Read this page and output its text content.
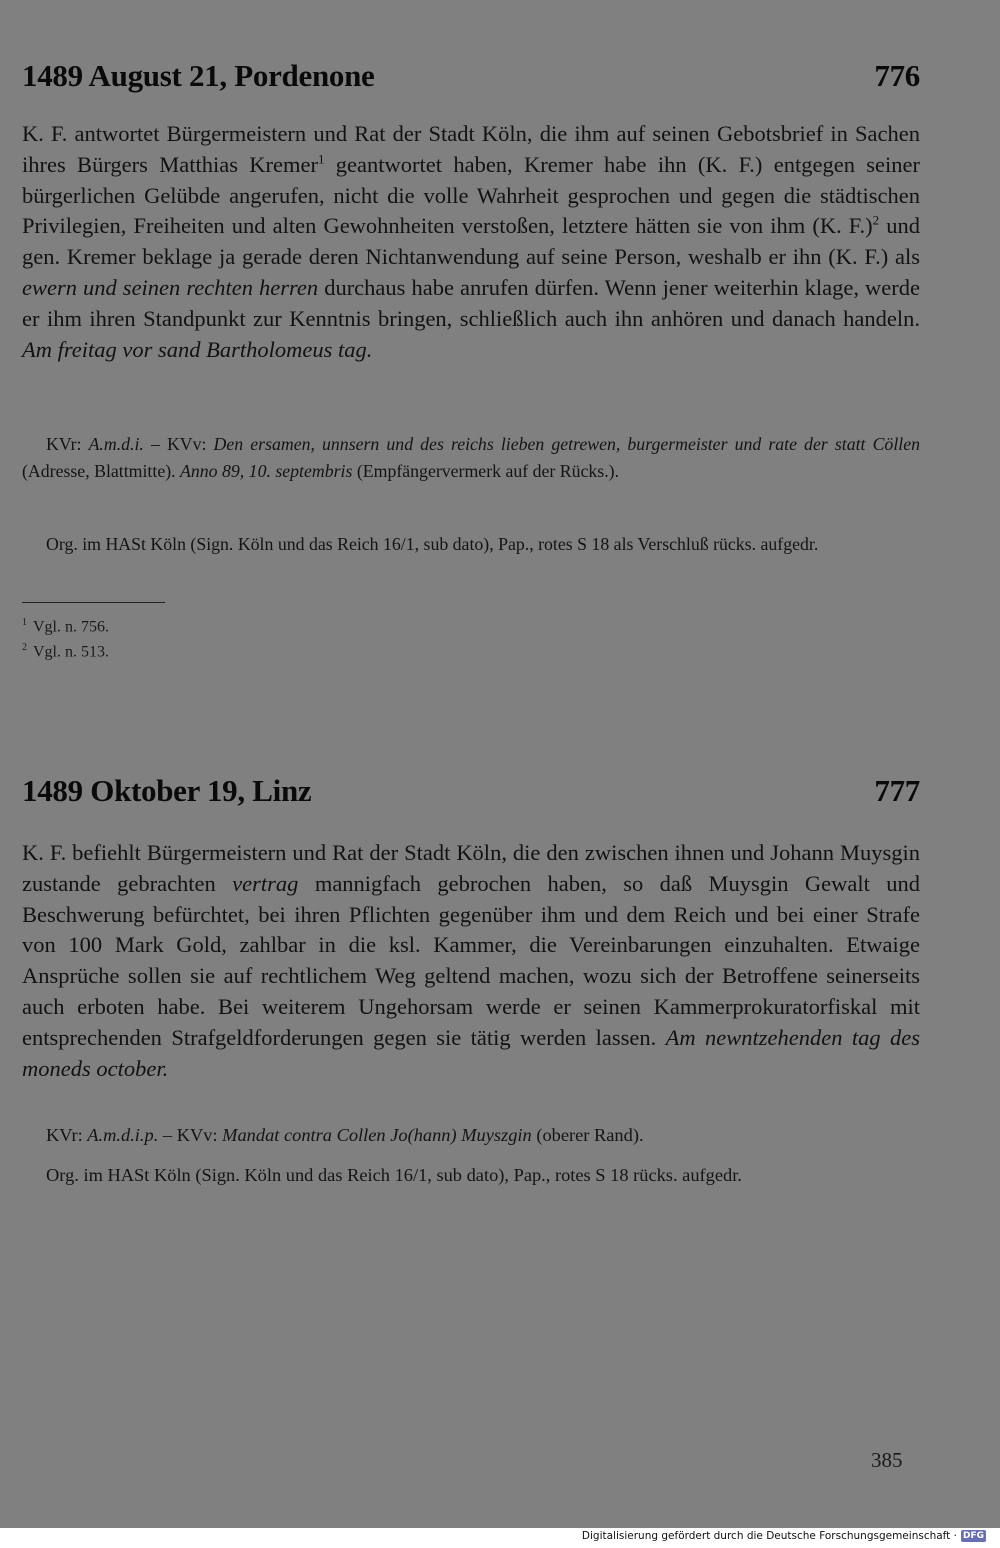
1489 August 21, Pordenone	776
K. F. antwortet Bürgermeistern und Rat der Stadt Köln, die ihm auf seinen Gebotsbrief in Sachen ihres Bürgers Matthias Kremer$^1$ geantwortet haben, Kremer habe ihn (K. F.) entgegen seiner bürgerlichen Gelübde angerufen, nicht die volle Wahrheit gesprochen und gegen die städtischen Privilegien, Freiheiten und alten Gewohnheiten verstoßen, letztere hätten sie von ihm (K. F.)$^2$ und gen. Kremer beklage ja gerade deren Nichtanwendung auf seine Person, weshalb er ihn (K. F.) als ewern und seinen rechten herren durchaus habe anrufen dürfen. Wenn jener weiterhin klage, werde er ihm ihren Standpunkt zur Kenntnis bringen, schließlich auch ihn anhören und danach handeln. Am freitag vor sand Bartholomeus tag.
KVr: A.m.d.i. – KVv: Den ersamen, unnsern und des reichs lieben getrewen, burgermeister und rate der statt Cöllen (Adresse, Blattmitte). Anno 89, 10. septembris (Empfängervermerk auf der Rücks.).
Org. im HASt Köln (Sign. Köln und das Reich 16/1, sub dato), Pap., rotes S 18 als Verschluß rücks. aufgedr.
$^1$ Vgl. n. 756.
$^2$ Vgl. n. 513.
1489 Oktober 19, Linz	777
K. F. befiehlt Bürgermeistern und Rat der Stadt Köln, die den zwischen ihnen und Johann Muysgin zustande gebrachten vertrag mannigfach gebrochen haben, so daß Muysgin Gewalt und Beschwerung befürchtet, bei ihren Pflichten gegenüber ihm und dem Reich und bei einer Strafe von 100 Mark Gold, zahlbar in die ksl. Kammer, die Vereinbarungen einzuhalten. Etwaige Ansprüche sollen sie auf rechtlichem Weg geltend machen, wozu sich der Betroffene seinerseits auch erboten habe. Bei weiterem Ungehorsam werde er seinen Kammerprokuratorfiskal mit entsprechenden Strafgeldforderungen gegen sie tätig werden lassen. Am newntzehenden tag des moneds october.
KVr: A.m.d.i.p. – KVv: Mandat contra Collen Jo(hann) Muyszgin (oberer Rand).
Org. im HASt Köln (Sign. Köln und das Reich 16/1, sub dato), Pap., rotes S 18 rücks. aufgedr.
385
Digitalisierung gefördert durch die Deutsche Forschungsgemeinschaft · DFG
